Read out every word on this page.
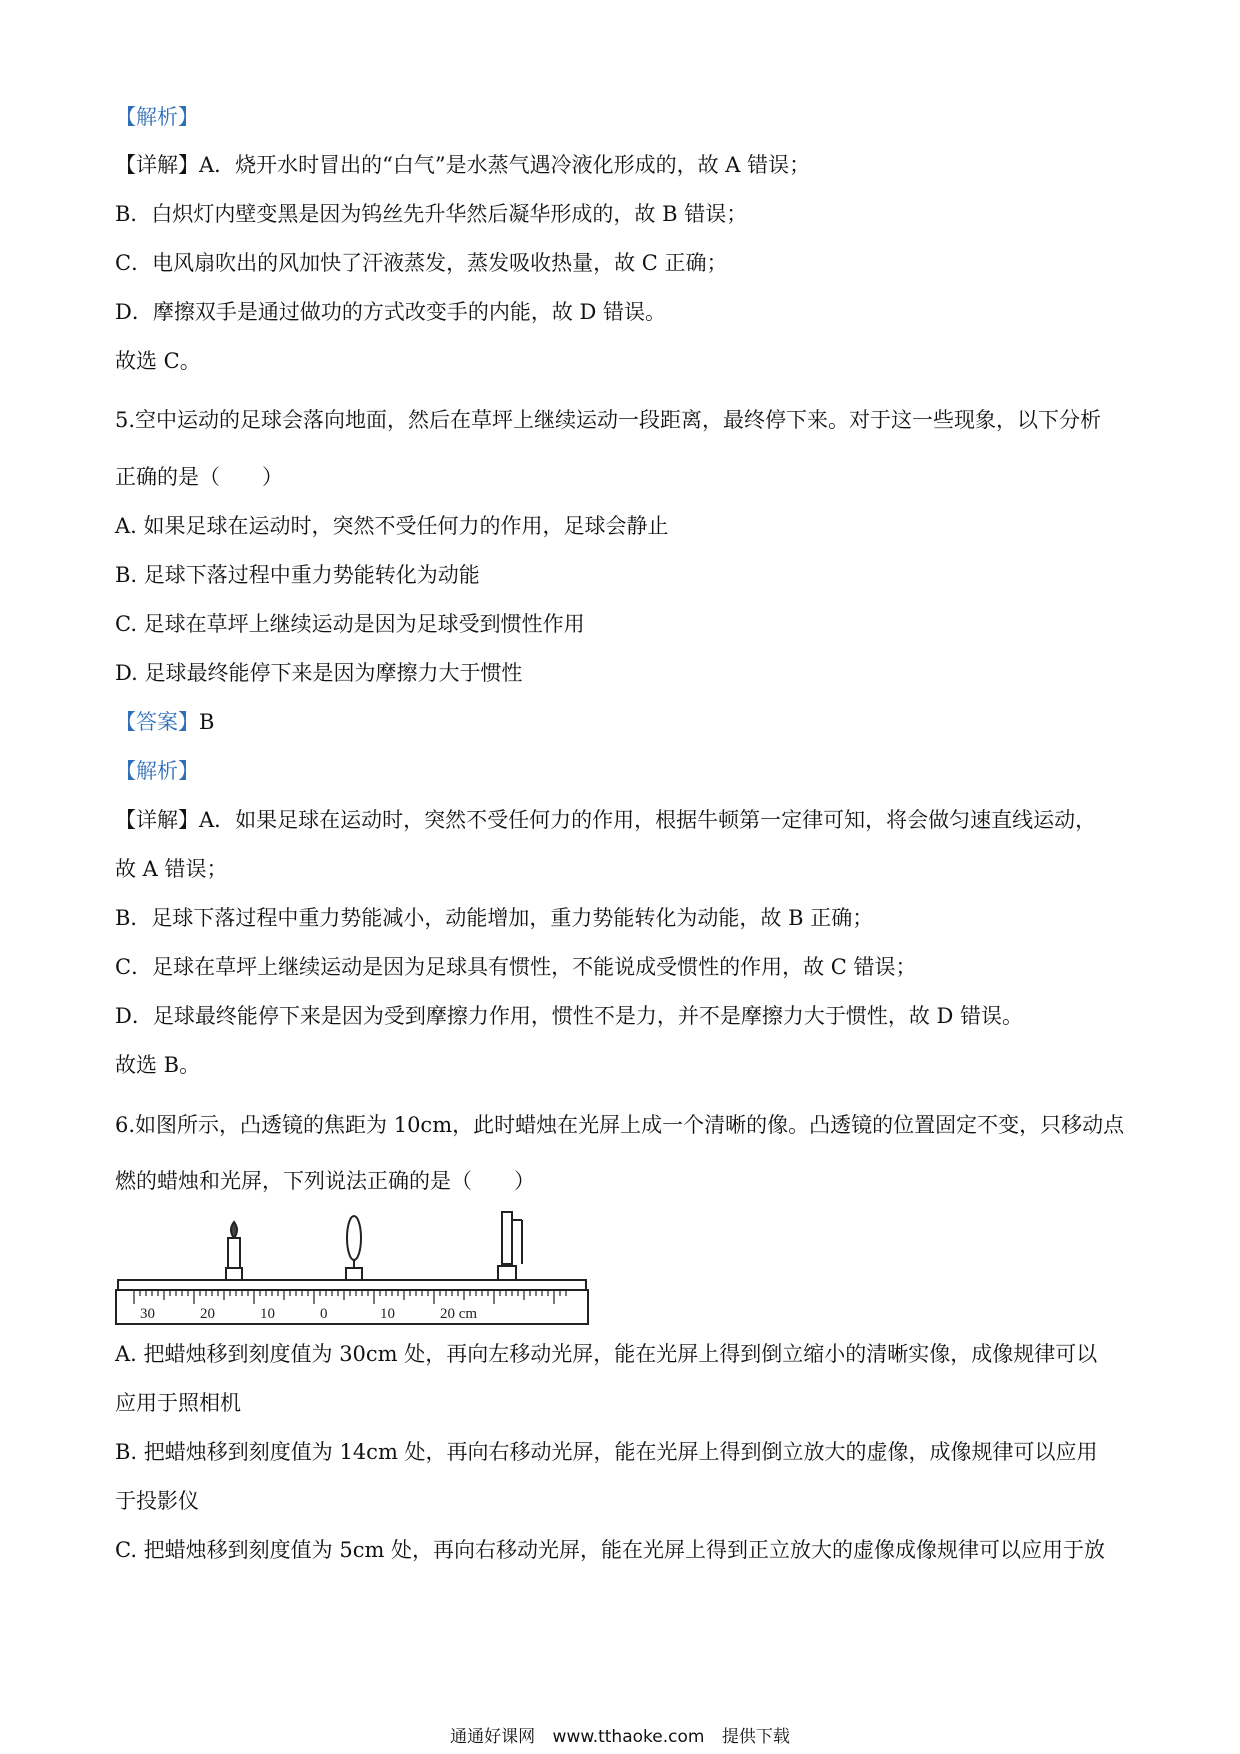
【解析】
【详解】A．烧开水时冒出的“白气”是水蒸气遇冷液化形成的，故 A 错误；
B．白炽灯内壁变黑是因为钨丝先升华然后凝华形成的，故 B 错误；
C．电风扇吹出的风加快了汗液蒸发，蒸发吸收热量，故 C 正确；
D．摩擦双手是通过做功的方式改变手的内能，故 D 错误。
故选 C。
5.空中运动的足球会落向地面，然后在草坪上继续运动一段距离，最终停下来。对于这一些现象，以下分析
正确的是（　　）
A. 如果足球在运动时，突然不受任何力的作用，足球会静止
B. 足球下落过程中重力势能转化为动能
C. 足球在草坪上继续运动是因为足球受到惯性作用
D. 足球最终能停下来是因为摩擦力大于惯性
【答案】B
【解析】
【详解】A．如果足球在运动时，突然不受任何力的作用，根据牛顿第一定律可知，将会做匀速直线运动，
故 A 错误；
B．足球下落过程中重力势能减小，动能增加，重力势能转化为动能，故 B 正确；
C．足球在草坪上继续运动是因为足球具有惯性，不能说成受惯性的作用，故 C 错误；
D．足球最终能停下来是因为受到摩擦力作用，惯性不是力，并不是摩擦力大于惯性，故 D 错误。
故选 B。
6.如图所示，凸透镜的焦距为 10cm，此时蜡烛在光屏上成一个清晰的像。凸透镜的位置固定不变，只移动点
燃的蜡烛和光屏，下列说法正确的是（　　）
30	20	10	0	10	20 cm
A. 把蜡烛移到刻度值为 30cm 处，再向左移动光屏，能在光屏上得到倒立缩小的清晰实像，成像规律可以
应用于照相机
B. 把蜡烛移到刻度值为 14cm 处，再向右移动光屏，能在光屏上得到倒立放大的虚像，成像规律可以应用
于投影仪
C. 把蜡烛移到刻度值为 5cm 处，再向右移动光屏，能在光屏上得到正立放大的虚像成像规律可以应用于放
通通好课网 www.tthaoke.com 提供下载
